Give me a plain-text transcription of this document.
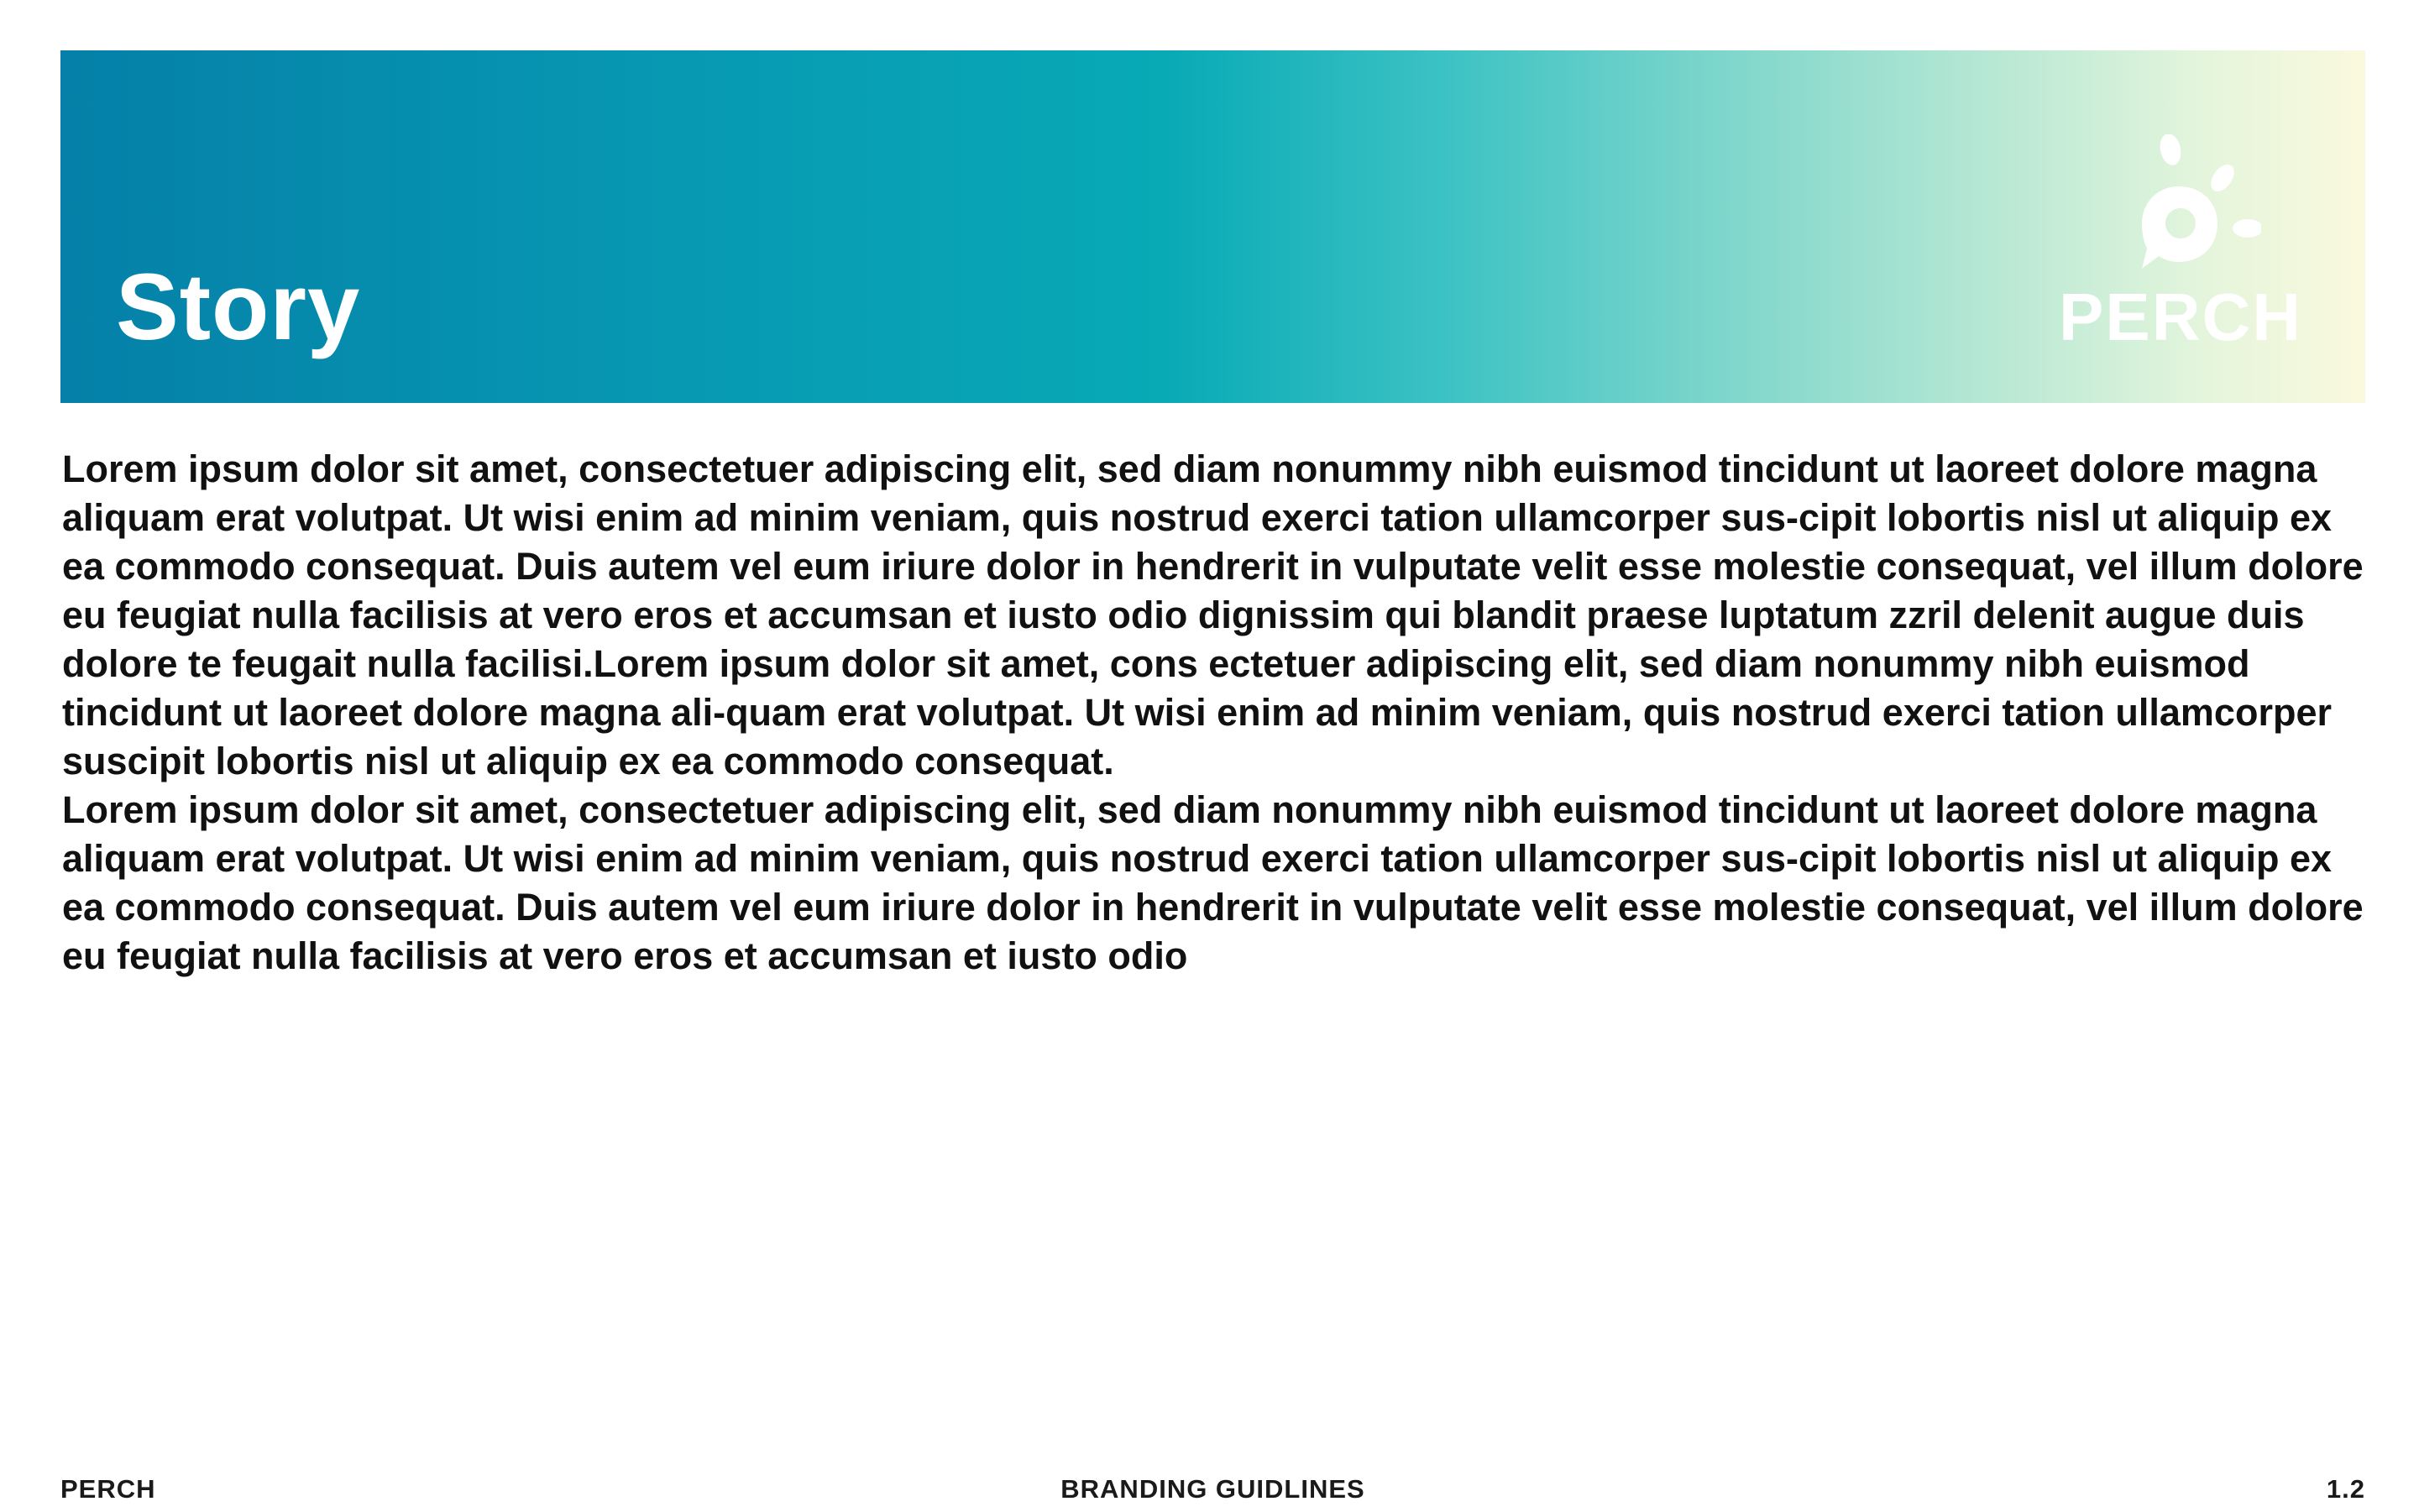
Story	PERCH

Lorem ipsum dolor sit amet, consectetuer adipiscing elit, sed diam nonummy nibh euismod tincidunt ut laoreet dolore magna aliquam erat volutpat. Ut wisi enim ad minim veniam, quis nostrud exerci tation ullamcorper sus-cipit lobortis nisl ut aliquip ex ea commodo consequat. Duis autem vel eum iriure dolor in hendrerit in vulputate velit esse molestie consequat, vel illum dolore eu feugiat nulla facilisis at vero eros et accumsan et iusto odio dignissim qui blandit praese luptatum zzril delenit augue duis dolore te feugait nulla facilisi.Lorem ipsum dolor sit amet, cons ectetuer adipiscing elit, sed diam nonummy nibh euismod tincidunt ut laoreet dolore magna ali-quam erat volutpat. Ut wisi enim ad minim veniam, quis nostrud exerci tation ullamcorper suscipit lobortis nisl ut aliquip ex ea commodo consequat.

Lorem ipsum dolor sit amet, consectetuer adipiscing elit, sed diam nonummy nibh euismod tincidunt ut laoreet dolore magna aliquam erat volutpat. Ut wisi enim ad minim veniam, quis nostrud exerci tation ullamcorper sus-cipit lobortis nisl ut aliquip ex ea commodo consequat. Duis autem vel eum iriure dolor in hendrerit in vulputate velit esse molestie consequat, vel illum dolore eu feugiat nulla facilisis at vero eros et accumsan et iusto odio

PERCH	BRANDING GUIDLINES	1.2
